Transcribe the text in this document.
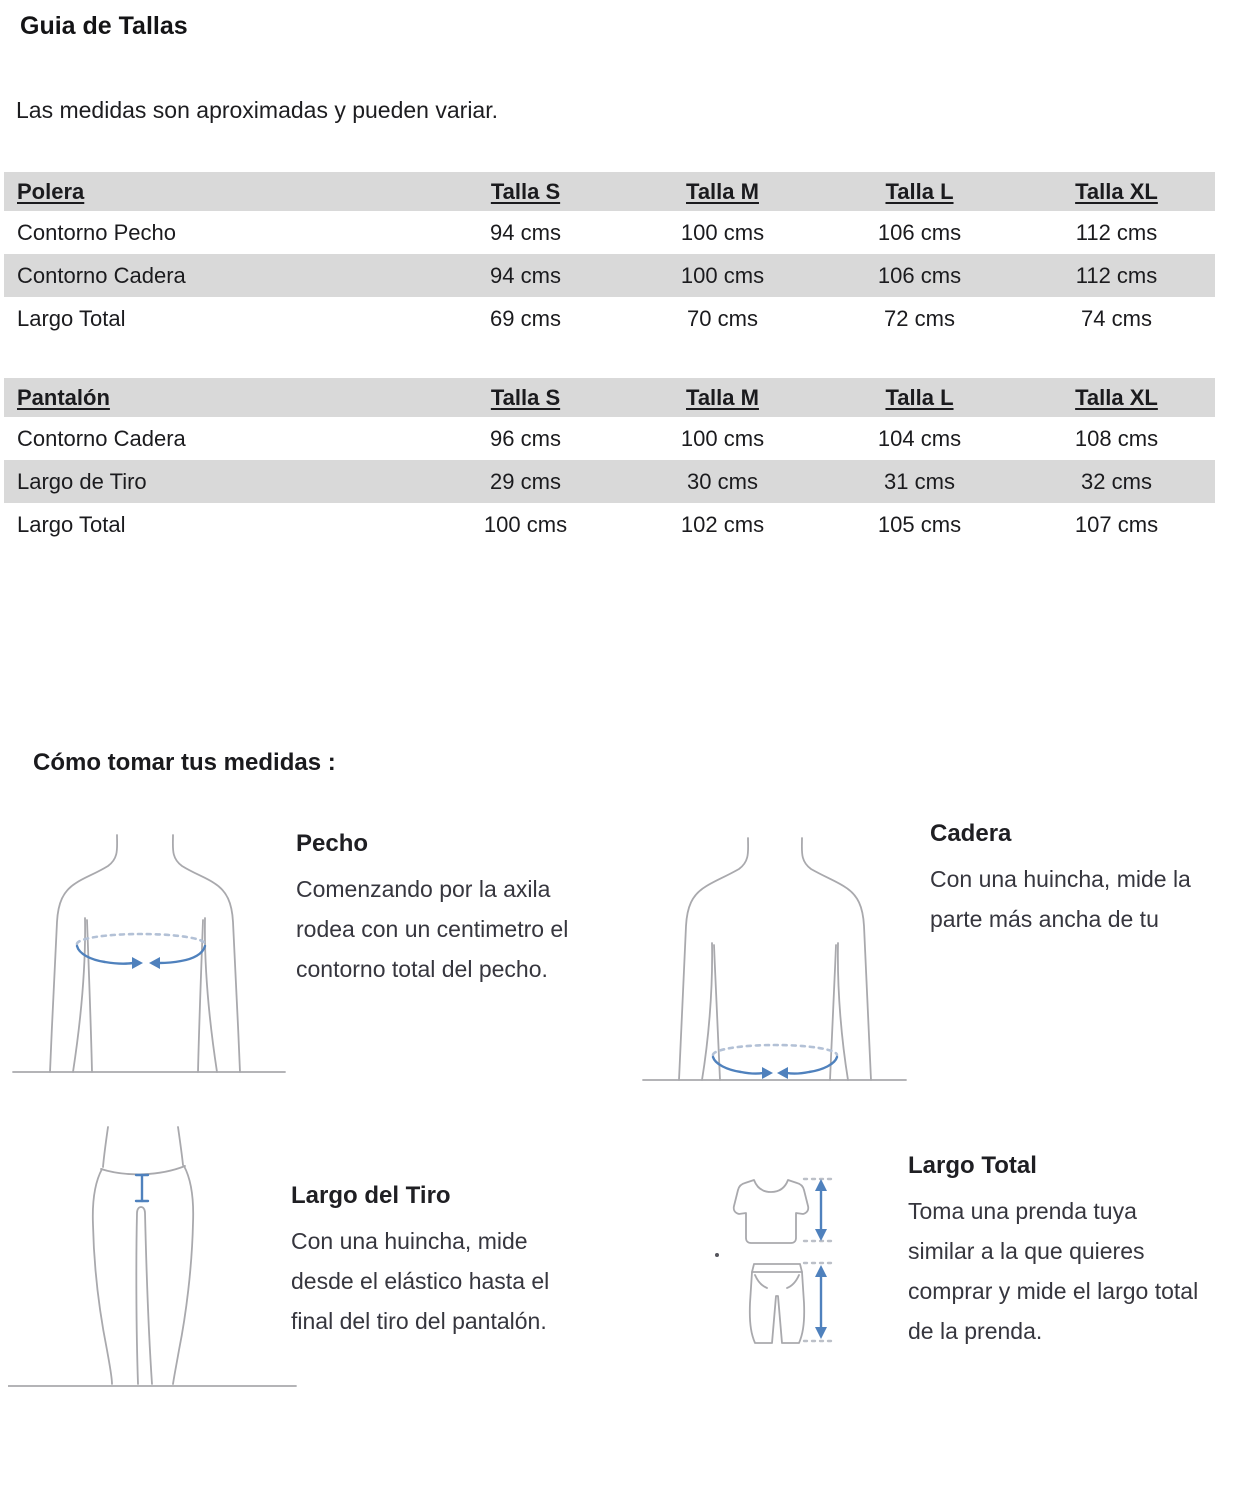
Guia de Tallas
Las medidas son aproximadas y pueden variar.
Polera	Talla S	Talla M	Talla L	Talla XL
Contorno Pecho	94 cms	100 cms	106 cms	112 cms
Contorno Cadera	94 cms	100 cms	106 cms	112 cms
Largo Total	69 cms	70 cms	72 cms	74 cms
Pantalón	Talla S	Talla M	Talla L	Talla XL
Contorno Cadera	96 cms	100 cms	104 cms	108 cms
Largo de Tiro	29 cms	30 cms	31 cms	32 cms
Largo Total	100 cms	102 cms	105 cms	107 cms
Cómo tomar tus medidas :
Pecho
Comenzando por la axila
rodea con un centimetro el
contorno total del pecho.
Cadera
Con una huincha, mide la
parte más ancha de tu
Largo del Tiro
Con una huincha, mide
desde el elástico hasta el
final del tiro del pantalón.
Largo Total
Toma una prenda tuya
similar a la que quieres
comprar y mide el largo total
de la prenda.
